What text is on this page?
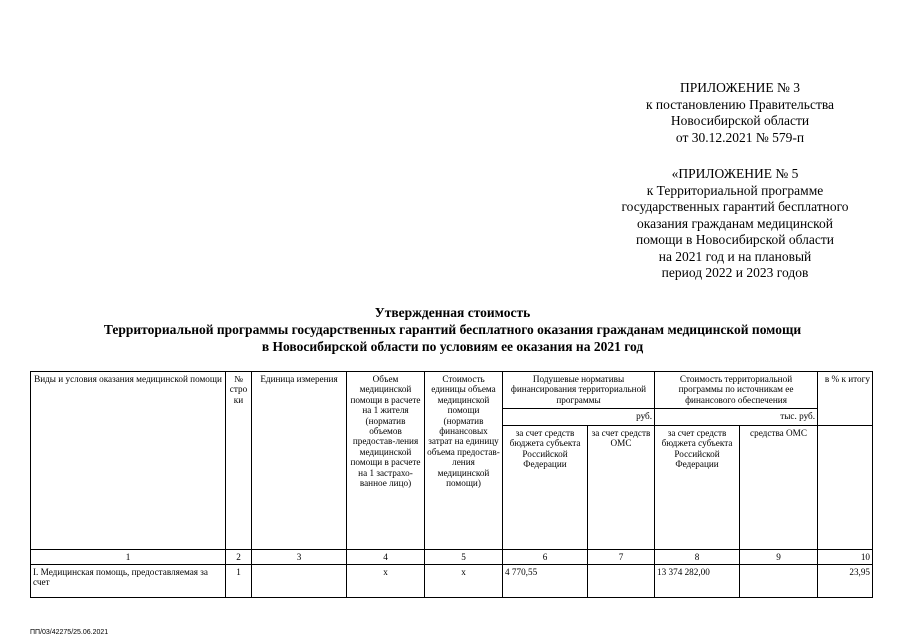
ПРИЛОЖЕНИЕ № 3
к постановлению Правительства
Новосибирской области
от 30.12.2021 № 579-п
«ПРИЛОЖЕНИЕ № 5
к Территориальной программе
государственных гарантий бесплатного
оказания гражданам медицинской
помощи в Новосибирской области
на 2021 год и на плановый
период 2022 и 2023 годов
Утвержденная стоимость
Территориальной программы государственных гарантий бесплатного оказания гражданам медицинской помощи
в Новосибирской области по условиям ее оказания на 2021 год
Виды и условия оказания медицинской помощи	№ строки	Единица измерения	Объем медицинской помощи в расчете на 1 жителя (норматив объемов предостав-ления медицинской помощи в расчете на 1 застрахо-ванное лицо)	Стоимость единицы объема медицинской помощи (норматив финансовых затрат на единицу объема предостав-ления медицинской помощи)	Подушевые нормативы финансирования территориальной программы		Стоимость территориальной программы по источникам ее финансового обеспечения		в % к итогу
					руб.		тыс. руб.		
					за счет средств бюджета субъекта Российской Федерации	за счет средств ОМС	за счет средств бюджета субъекта Российской Федерации	средства ОМС	
1	2	3	4	5	6	7	8	9	10
I. Медицинская помощь, предоставляемая за счет	1		х	х	4 770,55		13 374 282,00		23,95
ПП/03/42275/25.06.2021
